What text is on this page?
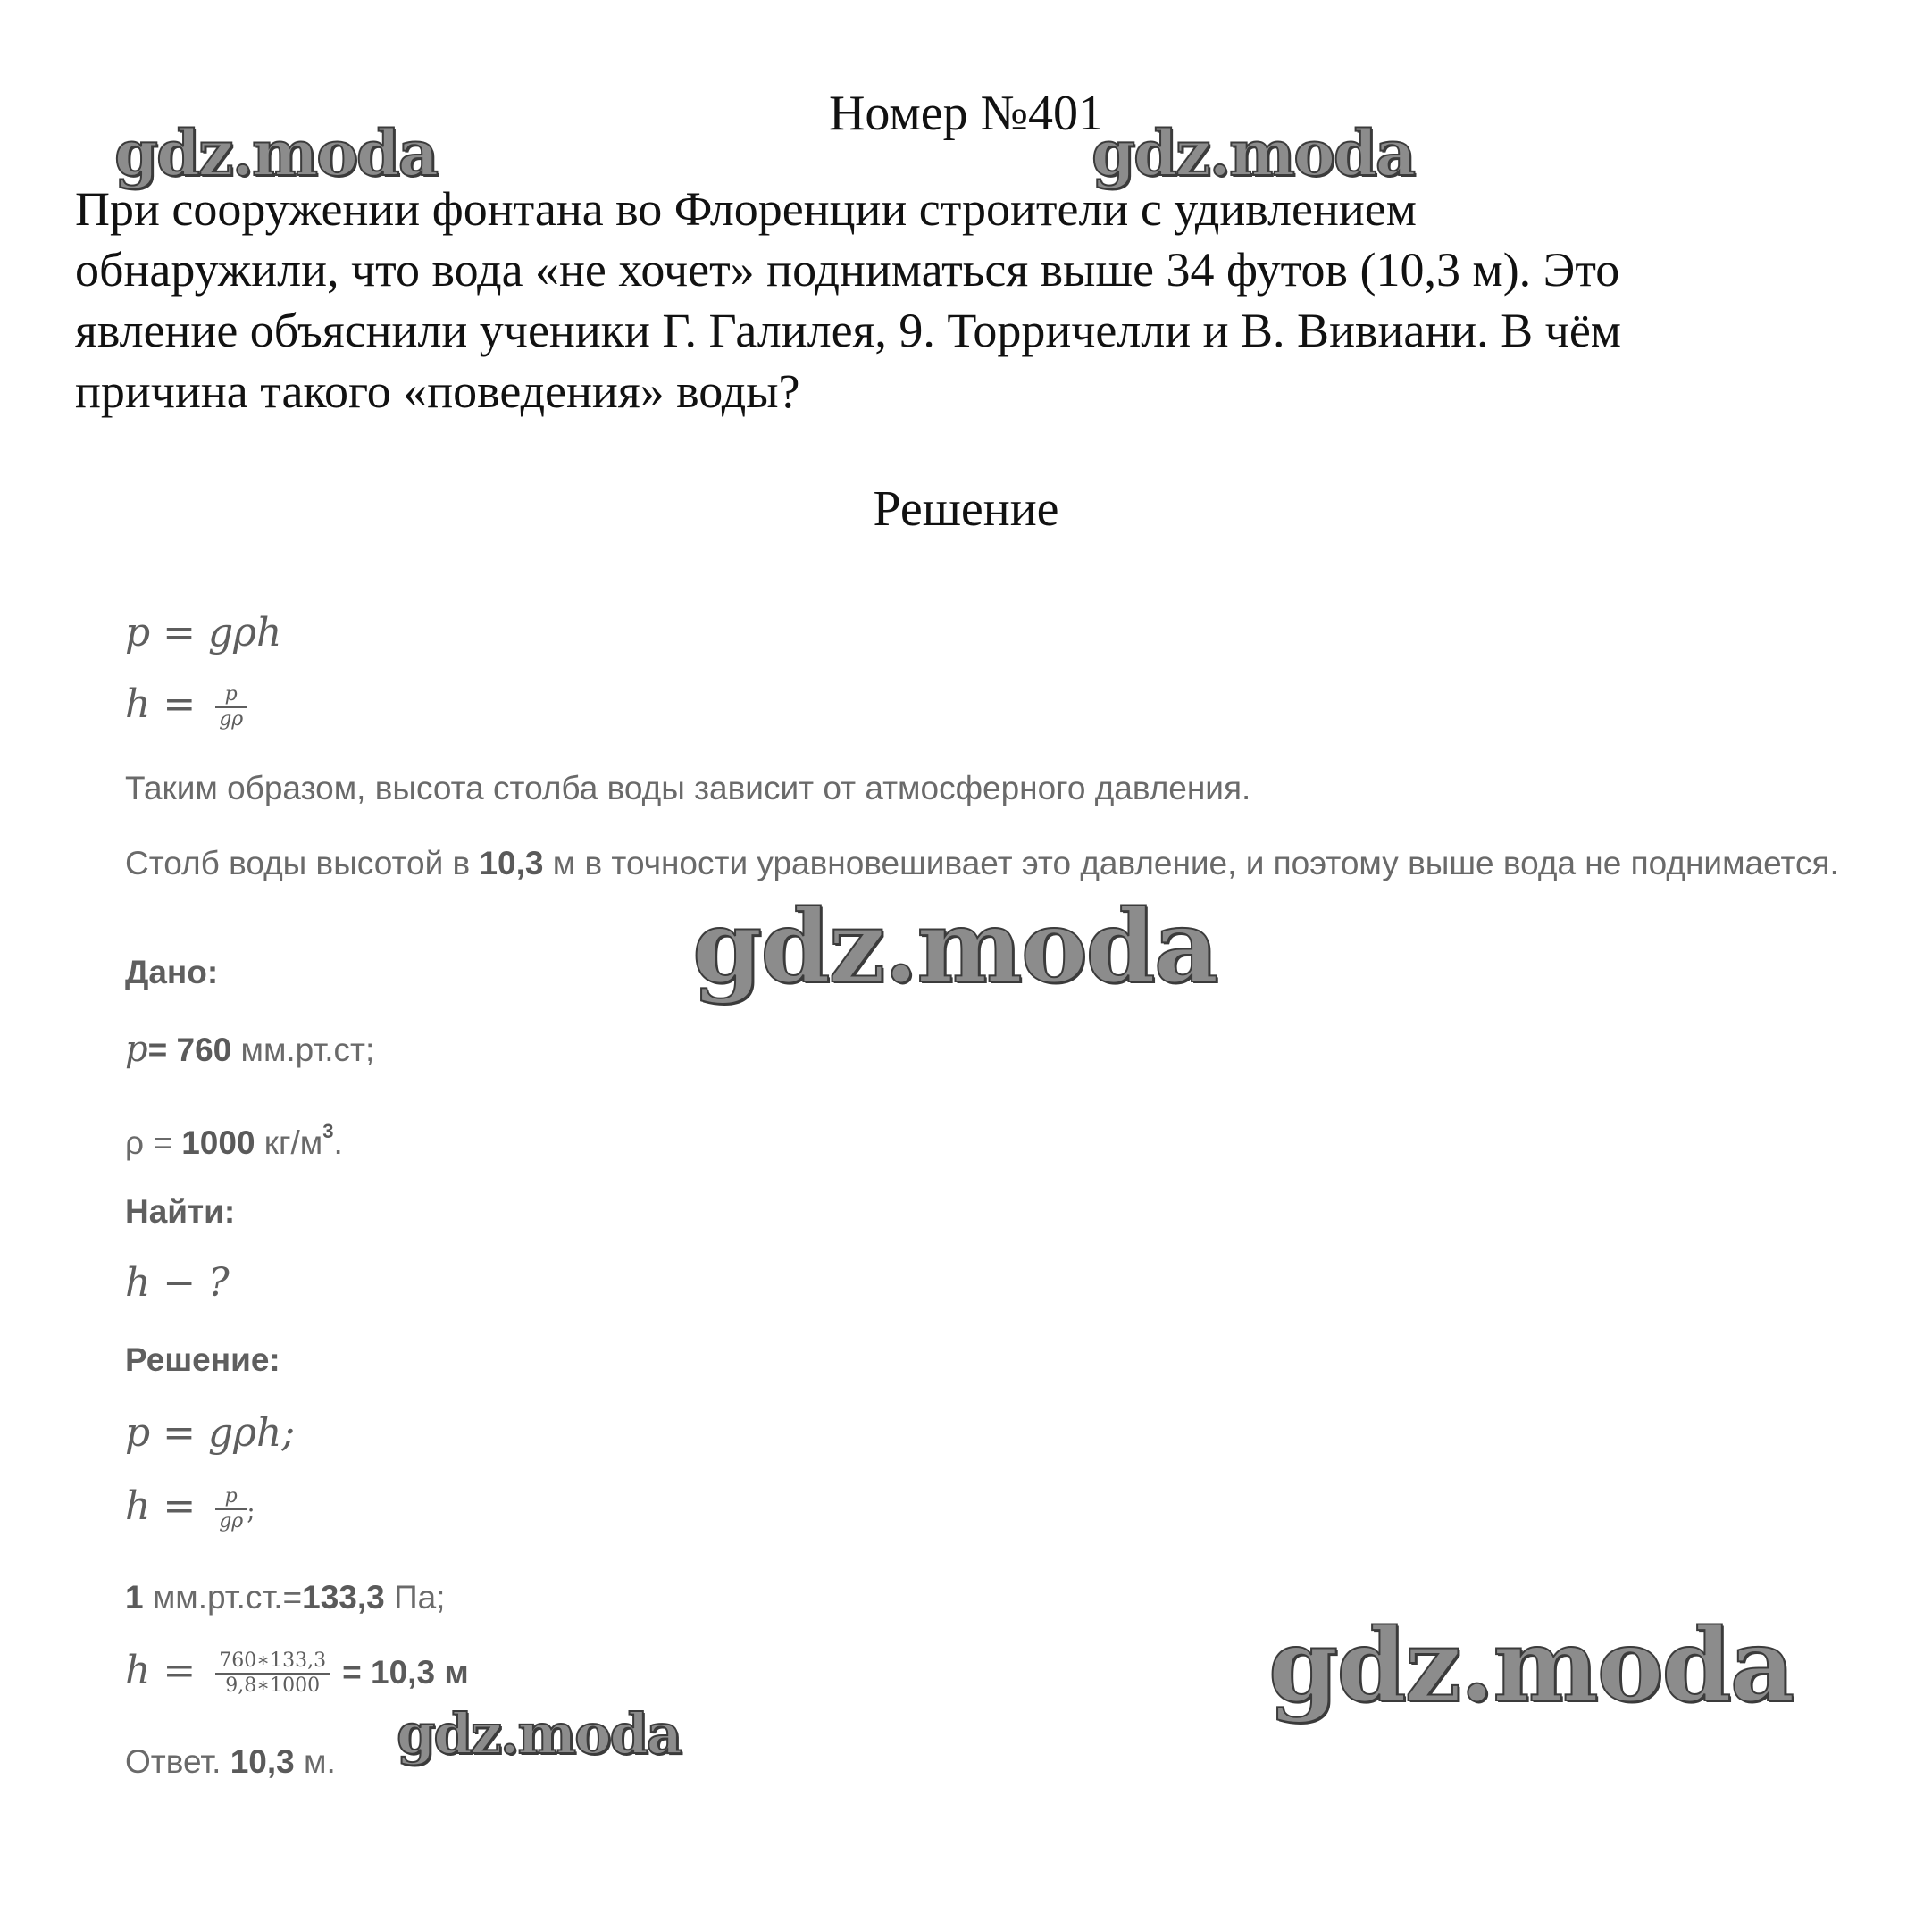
Номер №401
При сооружении фонтана во Флоренции строители с удивлением
обнаружили, что вода «не хочет» подниматься выше 34 футов (10,3 м). Это
явление объяснили ученики Г. Галилея, 9. Торричелли и В. Вивиани. В чём
причина такого «поведения» воды?
Решение
p = gρh
$h = \frac{p}{g\rho}$
Таким образом, высота столба воды зависит от атмосферного давления.
Столб воды высотой в 10,3 м в точности уравновешивает это давление, и поэтому выше вода не поднимается.
Дано:
p= 760 мм.рт.ст;
ρ = 1000 $кг/м^3$.
Найти:
h − ?
Решение:
p = gρh;
$h = \frac{p}{g\rho}$ ;
1 мм.рт.ст.=133,3 Па;
$h = \frac{760∗133,3}{9,8∗1000} = 10,3$ м
Ответ. 10,3 м.
gdz.moda	gdz.moda
gdz.moda
gdz.moda
gdz.moda
